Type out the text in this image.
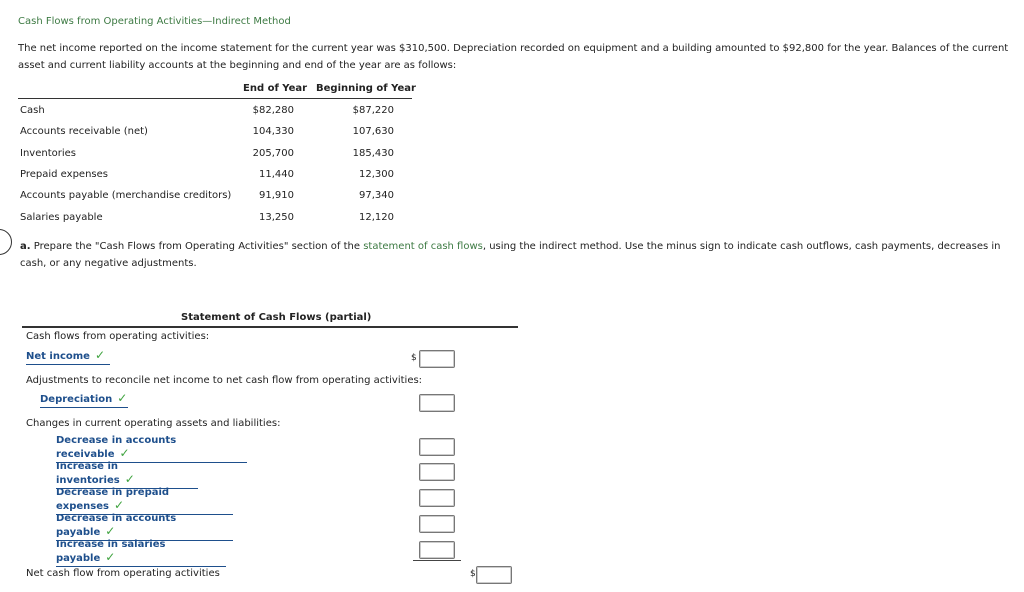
Cash Flows from Operating Activities—Indirect Method
The net income reported on the income statement for the current year was $310,500. Depreciation recorded on equipment and a building amounted to $92,800 for the year. Balances of the current asset and current liability accounts at the beginning and end of the year are as follows:
End of Year Beginning of Year
Cash	$82,280	$87,220
Accounts receivable (net)	104,330	107,630
Inventories	205,700	185,430
Prepaid expenses	11,440	12,300
Accounts payable (merchandise creditors)	91,910	97,340
Salaries payable	13,250	12,120
a. Prepare the "Cash Flows from Operating Activities" section of the statement of cash flows, using the indirect method. Use the minus sign to indicate cash outflows, cash payments, decreases in cash, or any negative adjustments.
Statement of Cash Flows (partial)
Cash flows from operating activities:
Net income ✓	$
Adjustments to reconcile net income to net cash flow from operating activities:
Depreciation ✓
Changes in current operating assets and liabilities:
Decrease in accounts receivable ✓
Increase in inventories ✓
Decrease in prepaid expenses ✓
Decrease in accounts payable ✓
Increase in salaries payable ✓
Net cash flow from operating activities	$
